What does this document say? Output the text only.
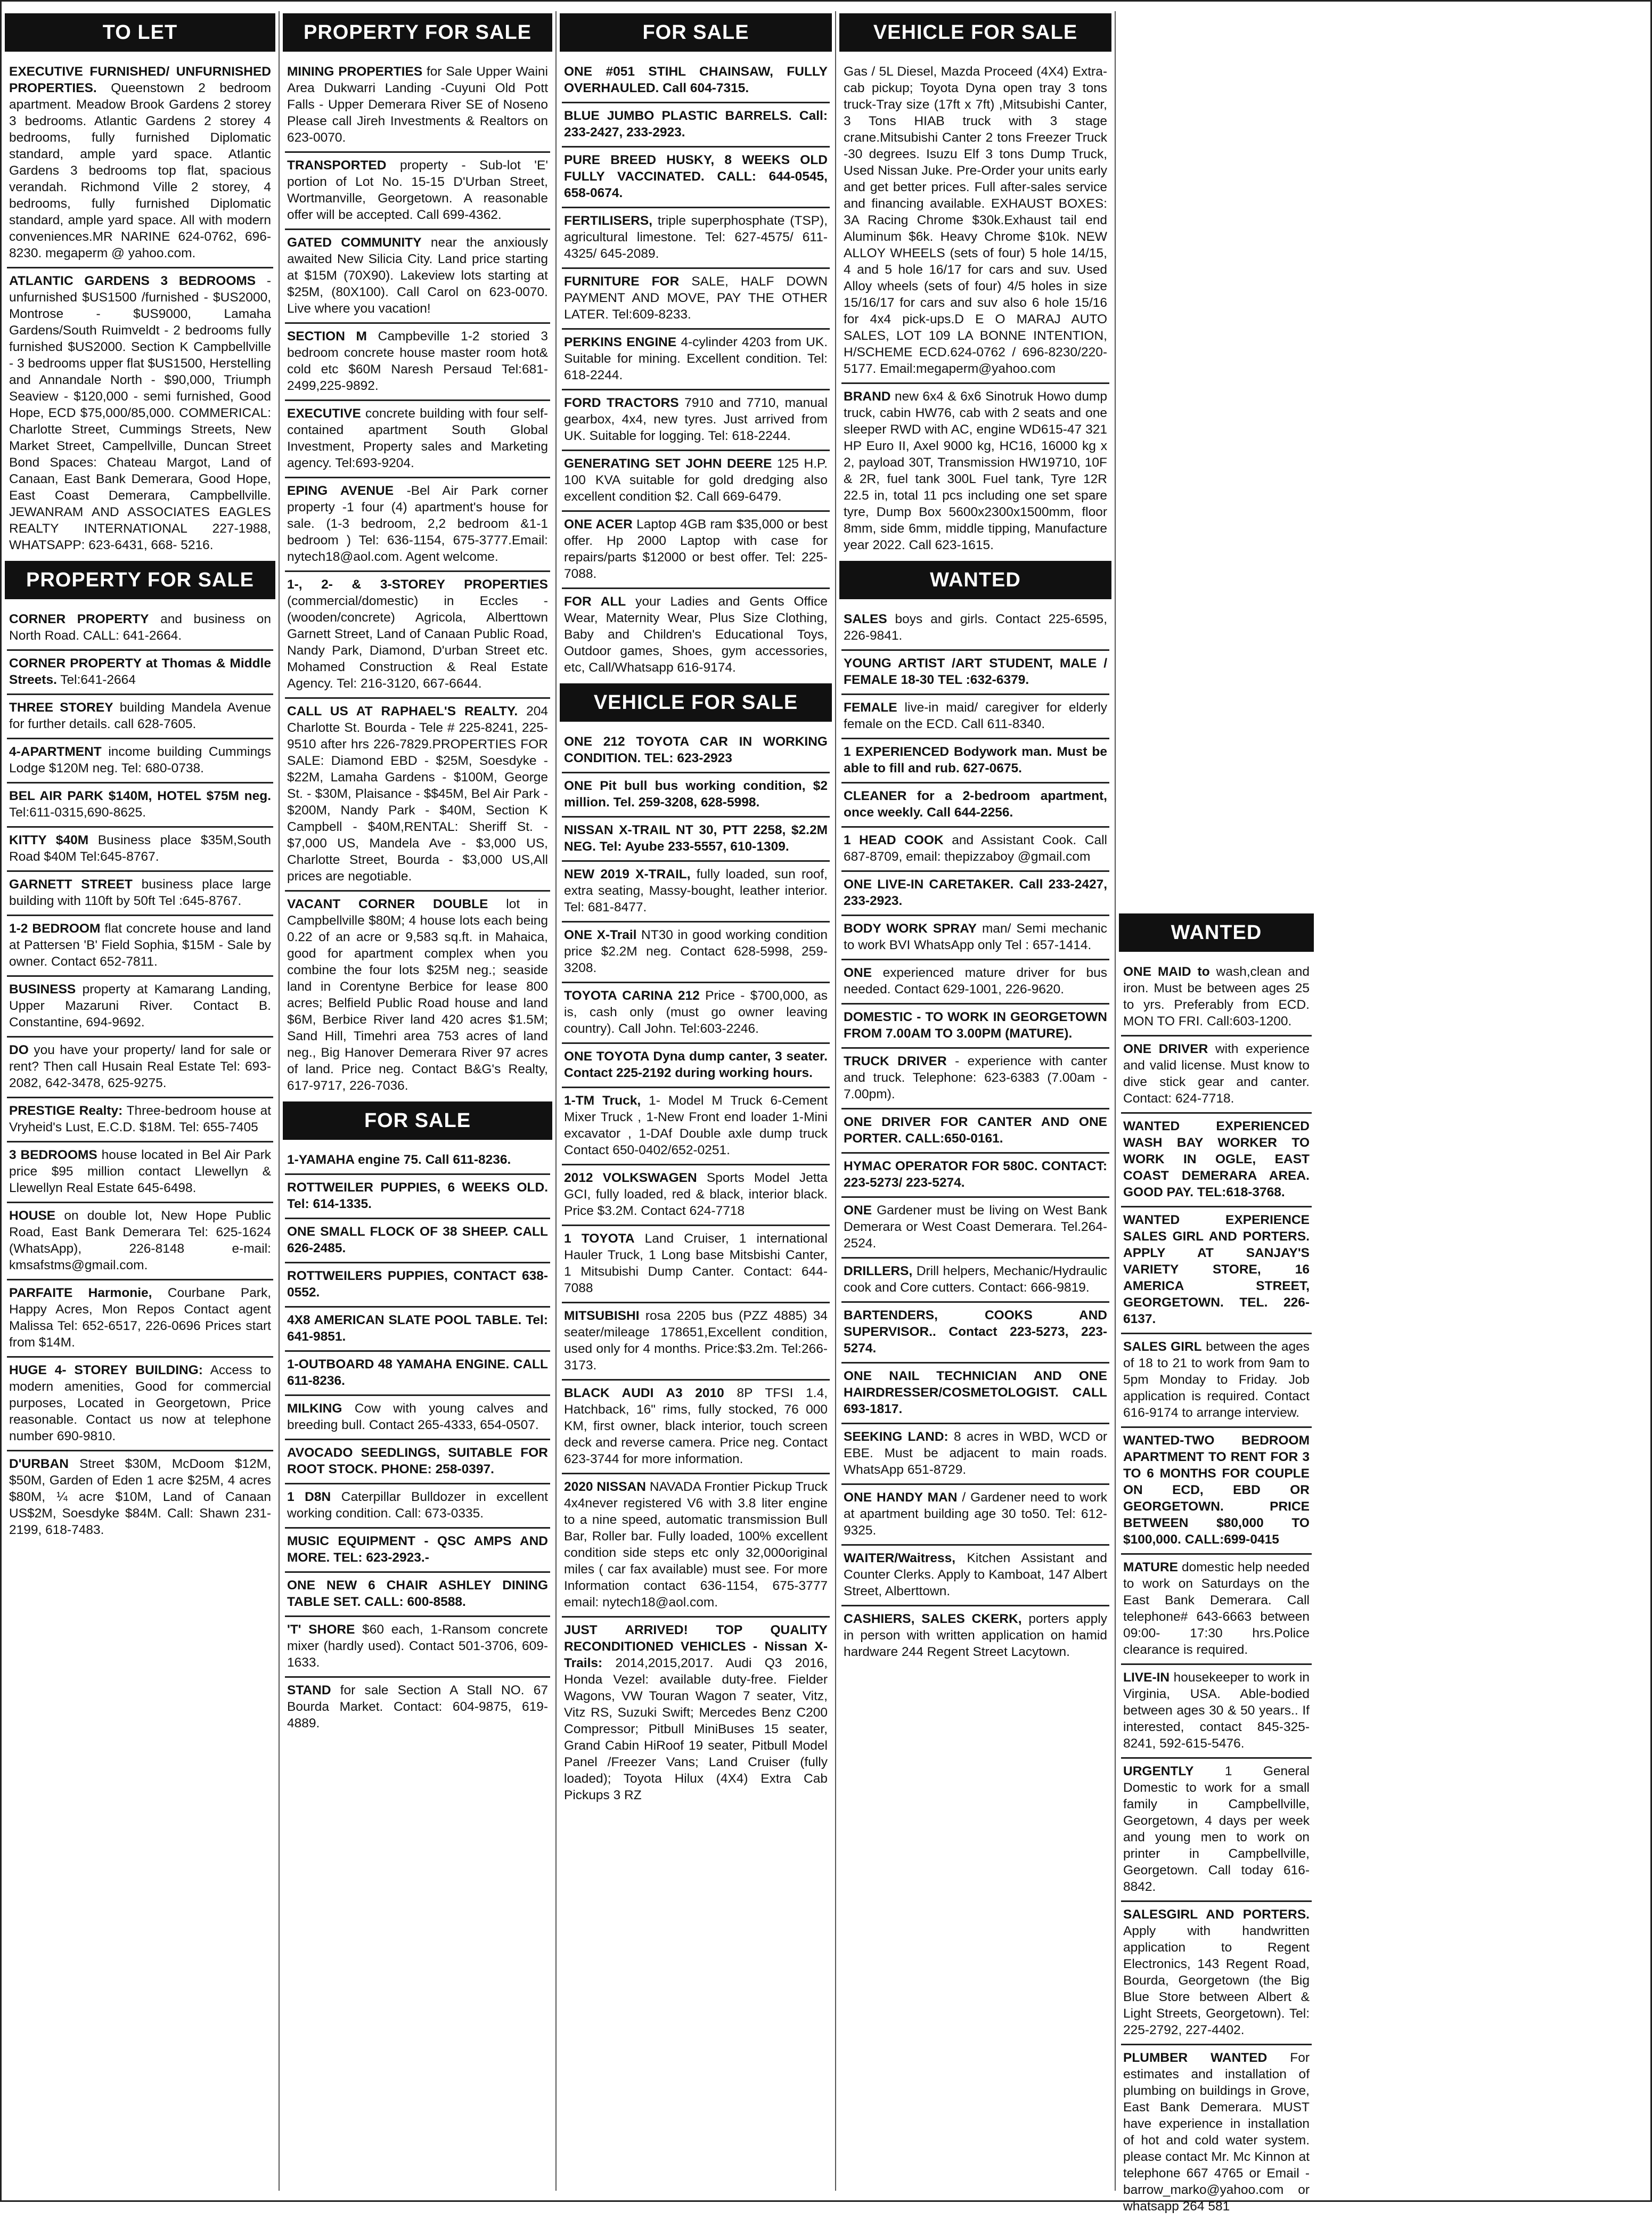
TO LET
EXECUTIVE FURNISHED/ UNFURNISHED PROPERTIES. Queenstown 2 bedroom apartment. Meadow Brook Gardens 2 storey 3 bedrooms. Atlantic Gardens 2 storey 4 bedrooms, fully furnished Diplomatic standard, ample yard space. Atlantic Gardens 3 bedrooms top flat, spacious verandah. Richmond Ville 2 storey, 4 bedrooms, fully furnished Diplomatic standard, ample yard space. All with modern conveniences.MR NARINE 624-0762, 696-8230. megaperm @ yahoo.com.
ATLANTIC GARDENS 3 BEDROOMS - unfurnished $US1500 /furnished - $US2000, Montrose - $US9000, Lamaha Gardens/South Ruimveldt - 2 bedrooms fully furnished $US2000. Section K Campbellville - 3 bedrooms upper flat $US1500, Herstelling and Annandale North - $90,000, Triumph Seaview - $120,000 - semi furnished, Good Hope, ECD $75,000/85,000. COMMERICAL: Charlotte Street, Cummings Streets, New Market Street, Campellville, Duncan Street Bond Spaces: Chateau Margot, Land of Canaan, East Bank Demerara, Good Hope, East Coast Demerara, Campbellville. JEWANRAM AND ASSOCIATES EAGLES REALTY INTERNATIONAL 227-1988, WHATSAPP: 623-6431, 668- 5216.
PROPERTY FOR SALE
CORNER PROPERTY and business on North Road. CALL: 641-2664.
CORNER PROPERTY at Thomas & Middle Streets. Tel:641-2664
THREE STOREY building Mandela Avenue for further details. call 628-7605.
4-APARTMENT income building Cummings Lodge $120M neg. Tel: 680-0738.
BEL AIR PARK $140M, HOTEL $75M neg. Tel:611-0315,690-8625.
KITTY $40M Business place $35M,South Road $40M Tel:645-8767.
GARNETT STREET business place large building with 110ft by 50ft Tel :645-8767.
1-2 BEDROOM flat concrete house and land at Pattersen 'B' Field Sophia, $15M - Sale by owner. Contact 652-7811.
BUSINESS property at Kamarang Landing, Upper Mazaruni River. Contact B. Constantine, 694-9692.
DO you have your property/ land for sale or rent? Then call Husain Real Estate Tel: 693-2082, 642-3478, 625-9275.
PRESTIGE Realty: Three-bedroom house at Vryheid's Lust, E.C.D. $18M. Tel: 655-7405
3 BEDROOMS house located in Bel Air Park price $95 million contact Llewellyn & Llewellyn Real Estate 645-6498.
HOUSE on double lot, New Hope Public Road, East Bank Demerara Tel: 625-1624 (WhatsApp), 226-8148 e-mail: kmsafstms@gmail.com.
PARFAITE Harmonie, Courbane Park, Happy Acres, Mon Repos Contact agent Malissa Tel: 652-6517, 226-0696 Prices start from $14M.
HUGE 4- STOREY BUILDING: Access to modern amenities, Good for commercial purposes, Located in Georgetown, Price reasonable. Contact us now at telephone number 690-9810.
D'URBAN Street $30M, McDoom $12M, $50M, Garden of Eden 1 acre $25M, 4 acres $80M, ¼ acre $10M, Land of Canaan US$2M, Soesdyke $84M. Call: Shawn 231-2199, 618-7483.
PROPERTY FOR SALE
MINING PROPERTIES for Sale Upper Waini Area Dukwarri Landing -Cuyuni Old Pott Falls - Upper Demerara River SE of Noseno Please call Jireh Investments & Realtors on 623-0070.
TRANSPORTED property - Sub-lot 'E' portion of Lot No. 15-15 D'Urban Street, Wortmanville, Georgetown. A reasonable offer will be accepted. Call 699-4362.
GATED COMMUNITY near the anxiously awaited New Silicia City. Land price starting at $15M (70X90). Lakeview lots starting at $25M, (80X100). Call Carol on 623-0070. Live where you vacation!
SECTION M Campbeville 1-2 storied 3 bedroom concrete house master room hot& cold etc $60M Naresh Persaud Tel:681-2499,225-9892.
EXECUTIVE concrete building with four self- contained apartment South Global Investment, Property sales and Marketing agency. Tel:693-9204.
EPING AVENUE -Bel Air Park corner property -1 four (4) apartment's house for sale. (1-3 bedroom, 2,2 bedroom &1-1 bedroom ) Tel: 636-1154, 675-3777.Email: nytech18@aol.com. Agent welcome.
1-, 2- & 3-STOREY PROPERTIES (commercial/domestic) in Eccles - (wooden/concrete) Agricola, Alberttown Garnett Street, Land of Canaan Public Road, Nandy Park, Diamond, D'urban Street etc. Mohamed Construction & Real Estate Agency. Tel: 216-3120, 667-6644.
CALL US AT RAPHAEL'S REALTY. 204 Charlotte St. Bourda - Tele # 225-8241, 225-9510 after hrs 226-7829.PROPERTIES FOR SALE: Diamond EBD - $25M, Soesdyke - $22M, Lamaha Gardens - $100M, George St. - $30M, Plaisance - $$45M, Bel Air Park - $200M, Nandy Park - $40M, Section K Campbell - $40M,RENTAL: Sheriff St. - $7,000 US, Mandela Ave - $3,000 US, Charlotte Street, Bourda - $3,000 US,All prices are negotiable.
VACANT CORNER DOUBLE lot in Campbellville $80M; 4 house lots each being 0.22 of an acre or 9,583 sq.ft. in Mahaica, good for apartment complex when you combine the four lots $25M neg.; seaside land in Corentyne Berbice for lease 800 acres; Belfield Public Road house and land $6M, Berbice River land 420 acres $1.5M; Sand Hill, Timehri area 753 acres of land neg., Big Hanover Demerara River 97 acres of land. Price neg. Contact B&G's Realty, 617-9717, 226-7036.
FOR SALE
1-YAMAHA engine 75. Call 611-8236.
ROTTWEILER PUPPIES, 6 WEEKS OLD. Tel: 614-1335.
ONE SMALL FLOCK OF 38 SHEEP. CALL 626-2485.
ROTTWEILERS PUPPIES, CONTACT 638-0552.
4X8 AMERICAN SLATE POOL TABLE. Tel: 641-9851.
1-OUTBOARD 48 YAMAHA ENGINE. CALL 611-8236.
MILKING Cow with young calves and breeding bull. Contact 265-4333, 654-0507.
AVOCADO SEEDLINGS, SUITABLE FOR ROOT STOCK. PHONE: 258-0397.
1 D8N Caterpillar Bulldozer in excellent working condition. Call: 673-0335.
MUSIC EQUIPMENT - QSC AMPS AND MORE. TEL: 623-2923.-
ONE NEW 6 CHAIR ASHLEY DINING TABLE SET. CALL: 600-8588.
'T' SHORE $60 each, 1-Ransom concrete mixer (hardly used). Contact 501-3706, 609-1633.
STAND for sale Section A Stall NO. 67 Bourda Market. Contact: 604-9875, 619-4889.
FOR SALE
ONE #051 STIHL CHAINSAW, FULLY OVERHAULED. Call 604-7315.
BLUE JUMBO PLASTIC BARRELS. Call: 233-2427, 233-2923.
PURE BREED HUSKY, 8 WEEKS OLD FULLY VACCINATED. CALL: 644-0545, 658-0674.
FERTILISERS, triple superphosphate (TSP), agricultural limestone. Tel: 627-4575/ 611-4325/ 645-2089.
FURNITURE FOR SALE, HALF DOWN PAYMENT AND MOVE, PAY THE OTHER LATER. Tel:609-8233.
PERKINS ENGINE 4-cylinder 4203 from UK. Suitable for mining. Excellent condition. Tel: 618-2244.
FORD TRACTORS 7910 and 7710, manual gearbox, 4x4, new tyres. Just arrived from UK. Suitable for logging. Tel: 618-2244.
GENERATING SET JOHN DEERE 125 H.P. 100 KVA suitable for gold dredging also excellent condition $2. Call 669-6479.
ONE ACER Laptop 4GB ram $35,000 or best offer. Hp 2000 Laptop with case for repairs/parts $12000 or best offer. Tel: 225-7088.
FOR ALL your Ladies and Gents Office Wear, Maternity Wear, Plus Size Clothing, Baby and Children's Educational Toys, Outdoor games, Shoes, gym accessories, etc, Call/Whatsapp 616-9174.
VEHICLE FOR SALE
ONE 212 TOYOTA CAR IN WORKING CONDITION. TEL: 623-2923
ONE Pit bull bus working condition, $2 million. Tel. 259-3208, 628-5998.
NISSAN X-TRAIL NT 30, PTT 2258, $2.2M NEG. Tel: Ayube 233-5557, 610-1309.
NEW 2019 X-TRAIL, fully loaded, sun roof, extra seating, Massy-bought, leather interior. Tel: 681-8477.
ONE X-Trail NT30 in good working condition price $2.2M neg. Contact 628-5998, 259-3208.
TOYOTA CARINA 212 Price - $700,000, as is, cash only (must go owner leaving country). Call John. Tel:603-2246.
ONE TOYOTA Dyna dump canter, 3 seater. Contact 225-2192 during working hours.
1-TM Truck, 1- Model M Truck 6-Cement Mixer Truck , 1-New Front end loader 1-Mini excavator , 1-DAf Double axle dump truck Contact 650-0402/652-0251.
2012 VOLKSWAGEN Sports Model Jetta GCI, fully loaded, red & black, interior black. Price $3.2M. Contact 624-7718
1 TOYOTA Land Cruiser, 1 international Hauler Truck, 1 Long base Mitsbishi Canter, 1 Mitsubishi Dump Canter. Contact: 644-7088
MITSUBISHI rosa 2205 bus (PZZ 4885) 34 seater/mileage 178651,Excellent condition, used only for 4 months. Price:$3.2m. Tel:266-3173.
BLACK AUDI A3 2010 8P TFSI 1.4, Hatchback, 16" rims, fully stocked, 76 000 KM, first owner, black interior, touch screen deck and reverse camera. Price neg. Contact 623-3744 for more information.
2020 NISSAN NAVADA Frontier Pickup Truck 4x4never registered V6 with 3.8 liter engine to a nine speed, automatic transmission Bull Bar, Roller bar. Fully loaded, 100% excellent condition side steps etc only 32,000original miles ( car fax available) must see. For more Information contact 636-1154, 675-3777 email: nytech18@aol.com.
JUST ARRIVED! TOP QUALITY RECONDITIONED VEHICLES - Nissan X-Trails: 2014,2015,2017. Audi Q3 2016, Honda Vezel: available duty-free. Fielder Wagons, VW Touran Wagon 7 seater, Vitz, Vitz RS, Suzuki Swift; Mercedes Benz C200 Compressor; Pitbull MiniBuses 15 seater, Grand Cabin HiRoof 19 seater, Pitbull Model Panel /Freezer Vans; Land Cruiser (fully loaded); Toyota Hilux (4X4) Extra Cab Pickups 3 RZ
VEHICLE FOR SALE
Gas / 5L Diesel, Mazda Proceed (4X4) Extra-cab pickup; Toyota Dyna open tray 3 tons truck-Tray size (17ft x 7ft) ,Mitsubishi Canter, 3 Tons HIAB truck with 3 stage crane.Mitsubishi Canter 2 tons Freezer Truck -30 degrees. Isuzu Elf 3 tons Dump Truck, Used Nissan Juke. Pre-Order your units early and get better prices. Full after-sales service and financing available. EXHAUST BOXES: 3A Racing Chrome $30k.Exhaust tail end Aluminum $6k. Heavy Chrome $10k. NEW ALLOY WHEELS (sets of four) 5 hole 14/15, 4 and 5 hole 16/17 for cars and suv. Used Alloy wheels (sets of four) 4/5 holes in size 15/16/17 for cars and suv also 6 hole 15/16 for 4x4 pick-ups.D E O MARAJ AUTO SALES, LOT 109 LA BONNE INTENTION, H/SCHEME ECD.624-0762 / 696-8230/220-5177. Email:megaperm@yahoo.com
BRAND new 6x4 & 6x6 Sinotruk Howo dump truck, cabin HW76, cab with 2 seats and one sleeper RWD with AC, engine WD615-47 321 HP Euro II, Axel 9000 kg, HC16, 16000 kg x 2, payload 30T, Transmission HW19710, 10F & 2R, fuel tank 300L Fuel tank, Tyre 12R 22.5 in, total 11 pcs including one set spare tyre, Dump Box 5600x2300x1500mm, floor 8mm, side 6mm, middle tipping, Manufacture year 2022. Call 623-1615.
WANTED
SALES boys and girls. Contact 225-6595, 226-9841.
YOUNG ARTIST /ART STUDENT, MALE / FEMALE 18-30 TEL :632-6379.
FEMALE live-in maid/ caregiver for elderly female on the ECD. Call 611-8340.
1 EXPERIENCED Bodywork man. Must be able to fill and rub. 627-0675.
CLEANER for a 2-bedroom apartment, once weekly. Call 644-2256.
1 HEAD COOK and Assistant Cook. Call 687-8709, email: thepizzaboy @gmail.com
ONE LIVE-IN CARETAKER. Call 233-2427, 233-2923.
BODY WORK SPRAY man/ Semi mechanic to work BVI WhatsApp only Tel : 657-1414.
ONE experienced mature driver for bus needed. Contact 629-1001, 226-9620.
DOMESTIC - TO WORK IN GEORGETOWN FROM 7.00AM TO 3.00PM (MATURE).
TRUCK DRIVER - experience with canter and truck. Telephone: 623-6383 (7.00am - 7.00pm).
ONE DRIVER FOR CANTER AND ONE PORTER. CALL:650-0161.
HYMAC OPERATOR FOR 580C. CONTACT: 223-5273/ 223-5274.
ONE Gardener must be living on West Bank Demerara or West Coast Demerara. Tel.264-2524.
DRILLERS, Drill helpers, Mechanic/Hydraulic cook and Core cutters. Contact: 666-9819.
BARTENDERS, COOKS AND SUPERVISOR.. Contact 223-5273, 223-5274.
ONE NAIL TECHNICIAN AND ONE HAIRDRESSER/COSMETOLOGIST. CALL 693-1817.
SEEKING LAND: 8 acres in WBD, WCD or EBE. Must be adjacent to main roads. WhatsApp 651-8729.
ONE HANDY MAN / Gardener need to work at apartment building age 30 to50. Tel: 612-9325.
WAITER/Waitress, Kitchen Assistant and Counter Clerks. Apply to Kamboat, 147 Albert Street, Alberttown.
CASHIERS, SALES CKERK, porters apply in person with written application on hamid hardware 244 Regent Street Lacytown.
WANTED
ONE MAID to wash,clean and iron. Must be between ages 25 to yrs. Preferably from ECD. MON TO FRI. Call:603-1200.
ONE DRIVER with experience and valid license. Must know to dive stick gear and canter. Contact: 624-7718.
WANTED EXPERIENCED WASH BAY WORKER TO WORK IN OGLE, EAST COAST DEMERARA AREA. GOOD PAY. TEL:618-3768.
WANTED EXPERIENCE SALES GIRL AND PORTERS. APPLY AT SANJAY'S VARIETY STORE, 16 AMERICA STREET, GEORGETOWN. TEL. 226-6137.
SALES GIRL between the ages of 18 to 21 to work from 9am to 5pm Monday to Friday. Job application is required. Contact 616-9174 to arrange interview.
WANTED-TWO BEDROOM APARTMENT TO RENT FOR 3 TO 6 MONTHS FOR COUPLE ON ECD, EBD OR GEORGETOWN. PRICE BETWEEN $80,000 TO $100,000. CALL:699-0415
MATURE domestic help needed to work on Saturdays on the East Bank Demerara. Call telephone# 643-6663 between 09:00- 17:30 hrs.Police clearance is required.
LIVE-IN housekeeper to work in Virginia, USA. Able-bodied between ages 30 & 50 years.. If interested, contact 845-325-8241, 592-615-5476.
URGENTLY 1 General Domestic to work for a small family in Campbellville, Georgetown, 4 days per week and young men to work on printer in Campbellville, Georgetown. Call today 616-8842.
SALESGIRL AND PORTERS. Apply with handwritten application to Regent Electronics, 143 Regent Road, Bourda, Georgetown (the Big Blue Store between Albert & Light Streets, Georgetown). Tel: 225-2792, 227-4402.
PLUMBER WANTED For estimates and installation of plumbing on buildings in Grove, East Bank Demerara. MUST have experience in installation of hot and cold water system. please contact Mr. Mc Kinnon at telephone 667 4765 or Email - barrow_marko@yahoo.com or whatsapp 264 581
